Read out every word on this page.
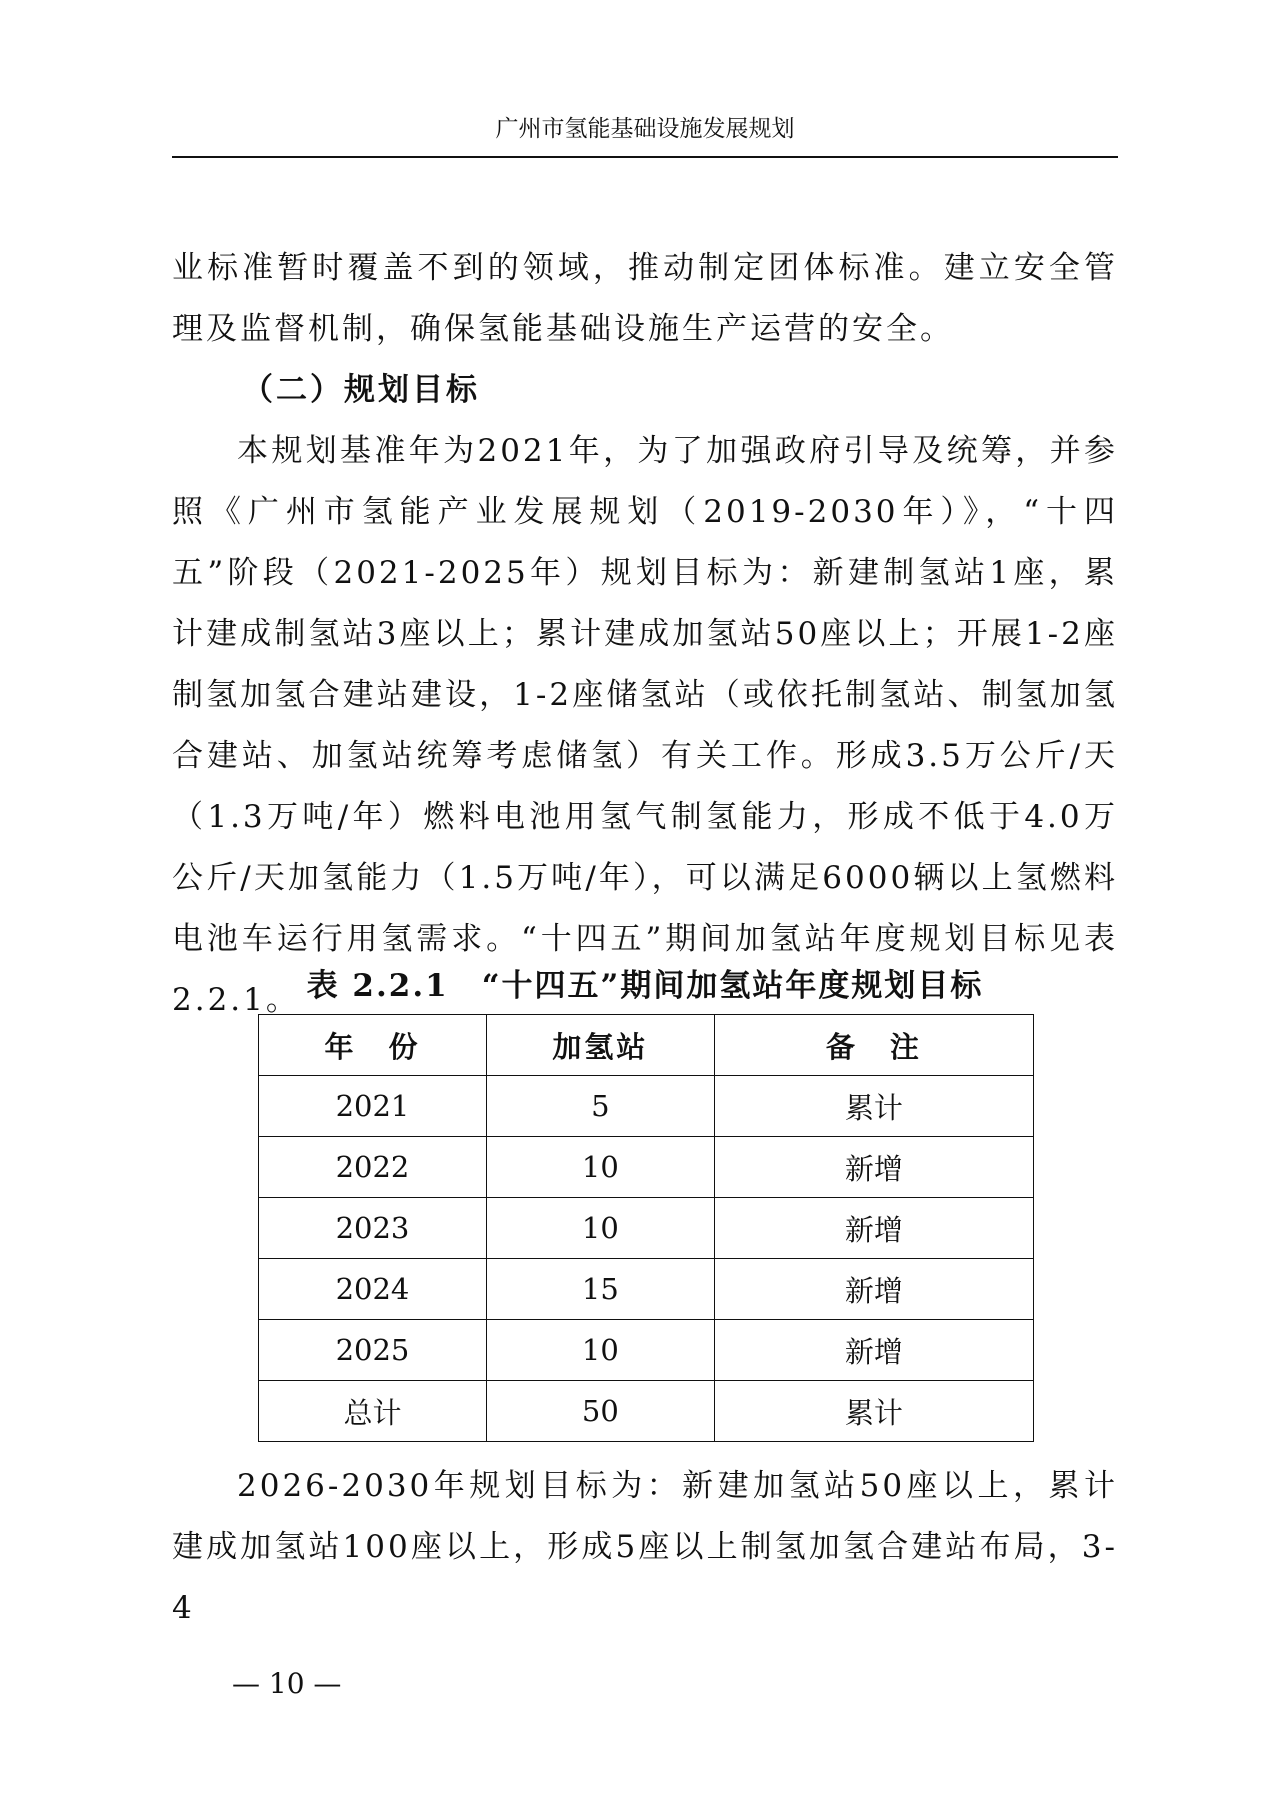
广州市氢能基础设施发展规划

业标准暂时覆盖不到的领域，推动制定团体标准。建立安全管理及监督机制，确保氢能基础设施生产运营的安全。

（二）规划目标

本规划基准年为2021年，为了加强政府引导及统筹，并参照《广州市氢能产业发展规划（2019-2030年）》，“十四五”阶段（2021-2025年）规划目标为：新建制氢站1座，累计建成制氢站3座以上；累计建成加氢站50座以上；开展1-2座制氢加氢合建站建设，1-2座储氢站（或依托制氢站、制氢加氢合建站、加氢站统筹考虑储氢）有关工作。形成3.5万公斤/天（1.3万吨/年）燃料电池用氢气制氢能力，形成不低于4.0万公斤/天加氢能力（1.5万吨/年），可以满足6000辆以上氢燃料电池车运行用氢需求。“十四五”期间加氢站年度规划目标见表2.2.1。 表 2.2.1　“十四五”期间加氢站年度规划目标
年　份	加氢站	备　注
2021	5	累计
2022	10	新增
2023	10	新增
2024	15	新增
2025	10	新增
总计	50	累计

2026-2030年规划目标为：新建加氢站50座以上，累计建成加氢站100座以上，形成5座以上制氢加氢合建站布局，3-4

— 10 —
